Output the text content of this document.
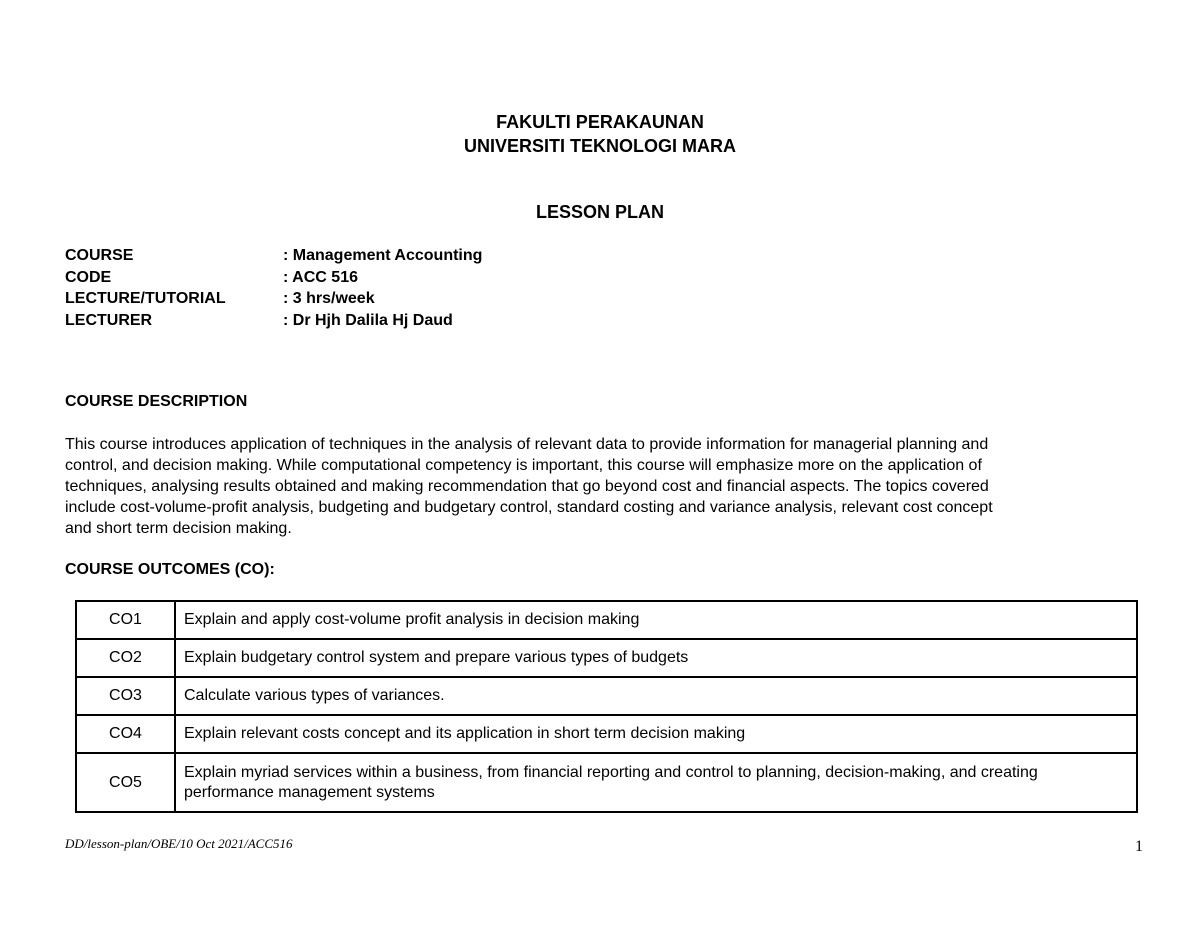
FAKULTI PERAKAUNAN
UNIVERSITI TEKNOLOGI MARA
LESSON PLAN
COURSE	: Management Accounting
CODE	: ACC 516
LECTURE/TUTORIAL	: 3 hrs/week
LECTURER	: Dr Hjh Dalila Hj Daud
COURSE DESCRIPTION
This course introduces application of techniques in the analysis of relevant data to provide information for managerial planning and
control, and decision making. While computational competency is important, this course will emphasize more on the application of
techniques, analysing results obtained and making recommendation that go beyond cost and financial aspects. The topics covered
include cost-volume-profit analysis, budgeting and budgetary control, standard costing and variance analysis, relevant cost concept
and short term decision making.
COURSE OUTCOMES (CO):
CO1	Explain and apply cost-volume profit analysis in decision making
CO2	Explain budgetary control system and prepare various types of budgets
CO3	Calculate various types of variances.
CO4	Explain relevant costs concept and its application in short term decision making
CO5	Explain myriad services within a business, from financial reporting and control to planning, decision-making, and creating performance management systems
DD/lesson-plan/OBE/10 Oct 2021/ACC516	1
